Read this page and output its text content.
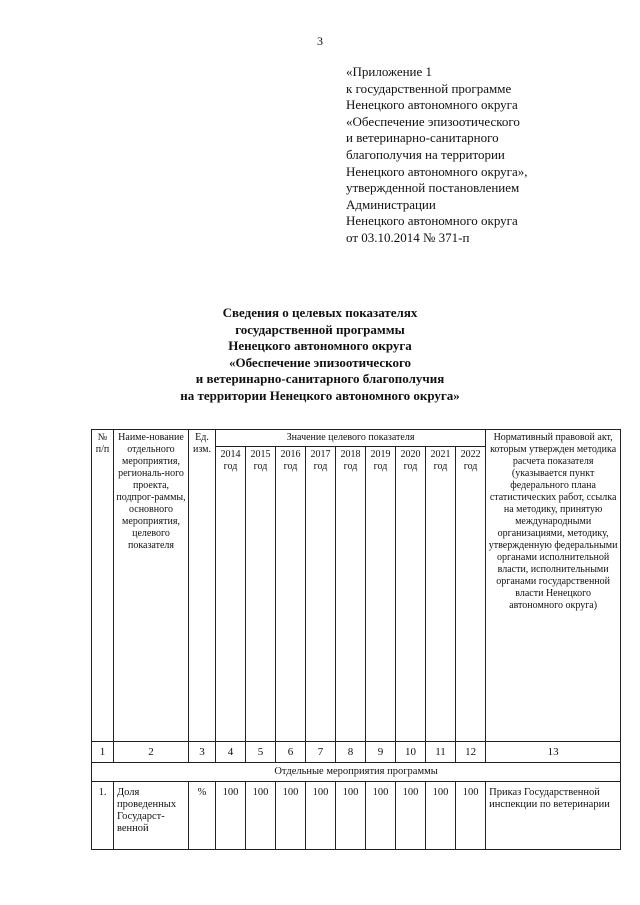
3
«Приложение 1
к государственной программе
Ненецкого автономного округа
«Обеспечение эпизоотического
и ветеринарно-санитарного
благополучия на территории
Ненецкого автономного округа»,
утвержденной постановлением
Администрации
Ненецкого автономного округа
от 03.10.2014 № 371-п
Сведения о целевых показателях
государственной программы
Ненецкого автономного округа
«Обеспечение эпизоотического
и ветеринарно-санитарного благополучия
на территории Ненецкого автономного округа»
№ п/п	Наиме-нование отдельного мероприятия, региональ-ного проекта, подпрог-раммы, основного мероприятия, целевого показателя	Ед. изм.	Значение целевого показателя									Нормативный правовой акт, которым утвержден методика расчета показателя (указывается пункт федерального плана статистических работ, ссылка на методику, принятую международными организациями, методику, утвержденную федеральными органами исполнительной власти, исполнительными органами государственной власти Ненецкого автономного округа)
			2014 год	2015 год	2016 год	2017 год	2018 год	2019 год	2020 год	2021 год	2022 год	
1	2	3	4	5	6	7	8	9	10	11	12	13
Отдельные мероприятия программы												
1.	Доля проведенных Государст-венной	%	100	100	100	100	100	100	100	100	100	Приказ Государственной инспекции по ветеринарии
